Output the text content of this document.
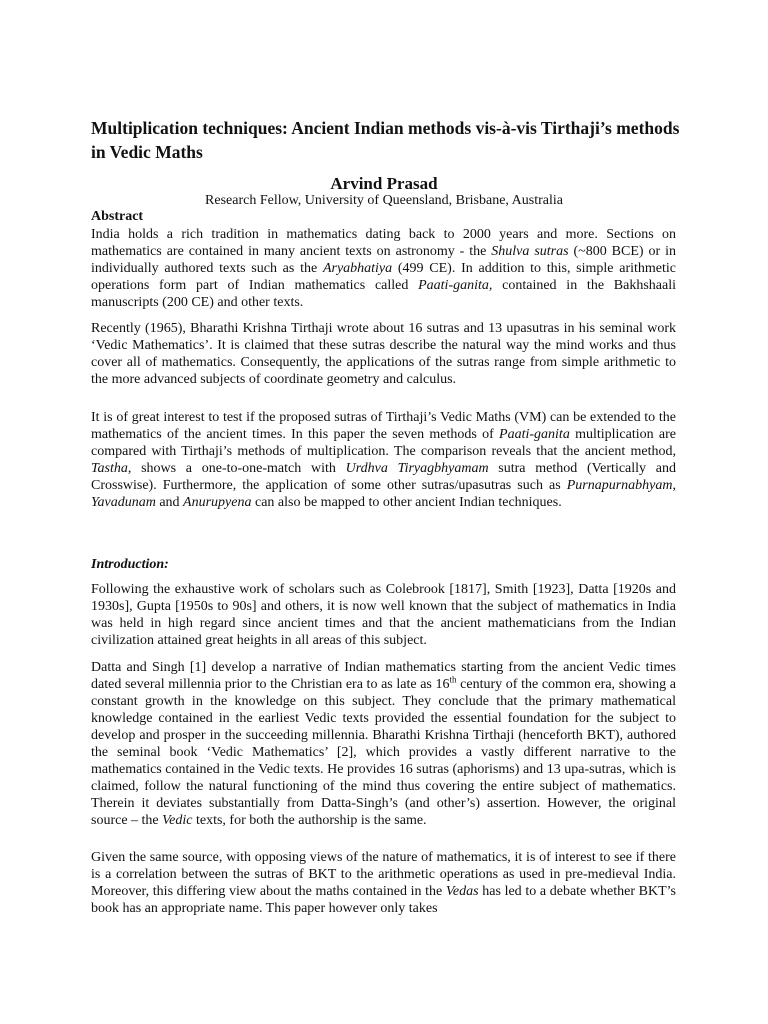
Multiplication techniques: Ancient Indian methods vis-à-vis Tirthaji’s methods in Vedic Maths
Arvind Prasad
Research Fellow, University of Queensland, Brisbane, Australia
Abstract

India holds a rich tradition in mathematics dating back to 2000 years and more. Sections on mathematics are contained in many ancient texts on astronomy - the Shulva sutras (~800 BCE) or in individually authored texts such as the Aryabhatiya (499 CE). In addition to this, simple arithmetic operations form part of Indian mathematics called Paati-ganita, contained in the Bakhshaali manuscripts (200 CE) and other texts.

Recently (1965), Bharathi Krishna Tirthaji wrote about 16 sutras and 13 upasutras in his seminal work ‘Vedic Mathematics’. It is claimed that these sutras describe the natural way the mind works and thus cover all of mathematics. Consequently, the applications of the sutras range from simple arithmetic to the more advanced subjects of coordinate geometry and calculus.

It is of great interest to test if the proposed sutras of Tirthaji’s Vedic Maths (VM) can be extended to the mathematics of the ancient times. In this paper the seven methods of Paati-ganita multiplication are compared with Tirthaji’s methods of multiplication. The comparison reveals that the ancient method, Tastha, shows a one-to-one-match with Urdhva Tiryagbhyamam sutra method (Vertically and Crosswise). Furthermore, the application of some other sutras/upasutras such as Purnapurnabhyam, Yavadunam and Anurupyena can also be mapped to other ancient Indian techniques.

Introduction:

Following the exhaustive work of scholars such as Colebrook [1817], Smith [1923], Datta [1920s and 1930s], Gupta [1950s to 90s] and others, it is now well known that the subject of mathematics in India was held in high regard since ancient times and that the ancient mathematicians from the Indian civilization attained great heights in all areas of this subject.

Datta and Singh [1] develop a narrative of Indian mathematics starting from the ancient Vedic times dated several millennia prior to the Christian era to as late as 16th century of the common era, showing a constant growth in the knowledge on this subject. They conclude that the primary mathematical knowledge contained in the earliest Vedic texts provided the essential foundation for the subject to develop and prosper in the succeeding millennia. Bharathi Krishna Tirthaji (henceforth BKT), authored the seminal book ‘Vedic Mathematics’ [2], which provides a vastly different narrative to the mathematics contained in the Vedic texts. He provides 16 sutras (aphorisms) and 13 upa-sutras, which is claimed, follow the natural functioning of the mind thus covering the entire subject of mathematics. Therein it deviates substantially from Datta-Singh’s (and other’s) assertion. However, the original source – the Vedic texts, for both the authorship is the same.

Given the same source, with opposing views of the nature of mathematics, it is of interest to see if there is a correlation between the sutras of BKT to the arithmetic operations as used in pre-medieval India. Moreover, this differing view about the maths contained in the Vedas has led to a debate whether BKT’s book has an appropriate name. This paper however only takes
